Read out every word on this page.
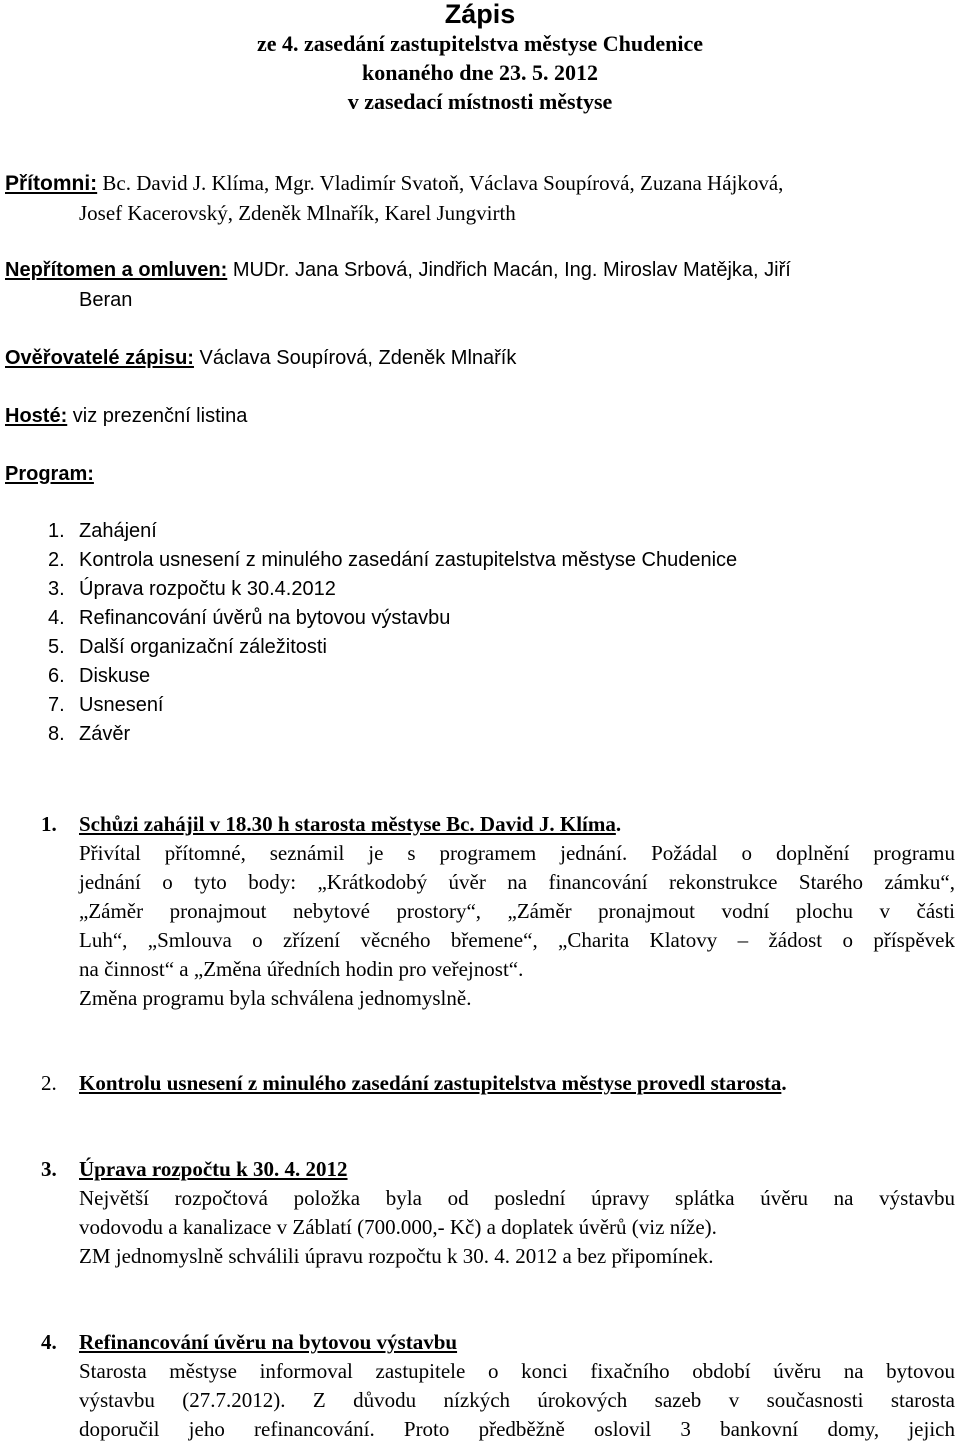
Zápis
ze 4. zasedání zastupitelstva městyse Chudenice
konaného dne 23. 5. 2012
v zasedací místnosti městyse
Přítomni: Bc. David J. Klíma, Mgr. Vladimír Svatoň, Václava Soupírová, Zuzana Hájková,
Josef Kacerovský, Zdeněk Mlnařík, Karel Jungvirth
Nepřítomen a omluven: MUDr. Jana Srbová, Jindřich Macán, Ing. Miroslav Matějka, Jiří
Beran
Ověřovatelé zápisu: Václava Soupírová, Zdeněk Mlnařík
Hosté: viz prezenční listina
Program:
1. Zahájení
2. Kontrola usnesení z minulého zasedání zastupitelstva městyse Chudenice
3. Úprava rozpočtu k 30.4.2012
4. Refinancování úvěrů na bytovou výstavbu
5. Další organizační záležitosti
6. Diskuse
7. Usnesení
8. Závěr
1. Schůzi zahájil v 18.30 h starosta městyse Bc. David J. Klíma.
Přivítal přítomné, seznámil je s programem jednání. Požádal o doplnění programu
jednání o tyto body: „Krátkodobý úvěr na financování rekonstrukce Starého zámku“,
„Záměr pronajmout nebytové prostory“, „Záměr pronajmout vodní plochu v části
Luh“, „Smlouva o zřízení věcného břemene“, „Charita Klatovy – žádost o příspěvek
na činnost“ a „Změna úředních hodin pro veřejnost“.
Změna programu byla schválena jednomyslně.
2. Kontrolu usnesení z minulého zasedání zastupitelstva městyse provedl starosta.
3. Úprava rozpočtu k 30. 4. 2012
Největší rozpočtová položka byla od poslední úpravy splátka úvěru na výstavbu
vodovodu a kanalizace v Záblatí (700.000,- Kč) a doplatek úvěrů (viz níže).
ZM jednomyslně schválili úpravu rozpočtu k 30. 4. 2012 a bez připomínek.
4. Refinancování úvěru na bytovou výstavbu
Starosta městyse informoval zastupitele o konci fixačního období úvěru na bytovou
výstavbu (27.7.2012). Z důvodu nízkých úrokových sazeb v současnosti starosta
doporučil jeho refinancování. Proto předběžně oslovil 3 bankovní domy, jejich
